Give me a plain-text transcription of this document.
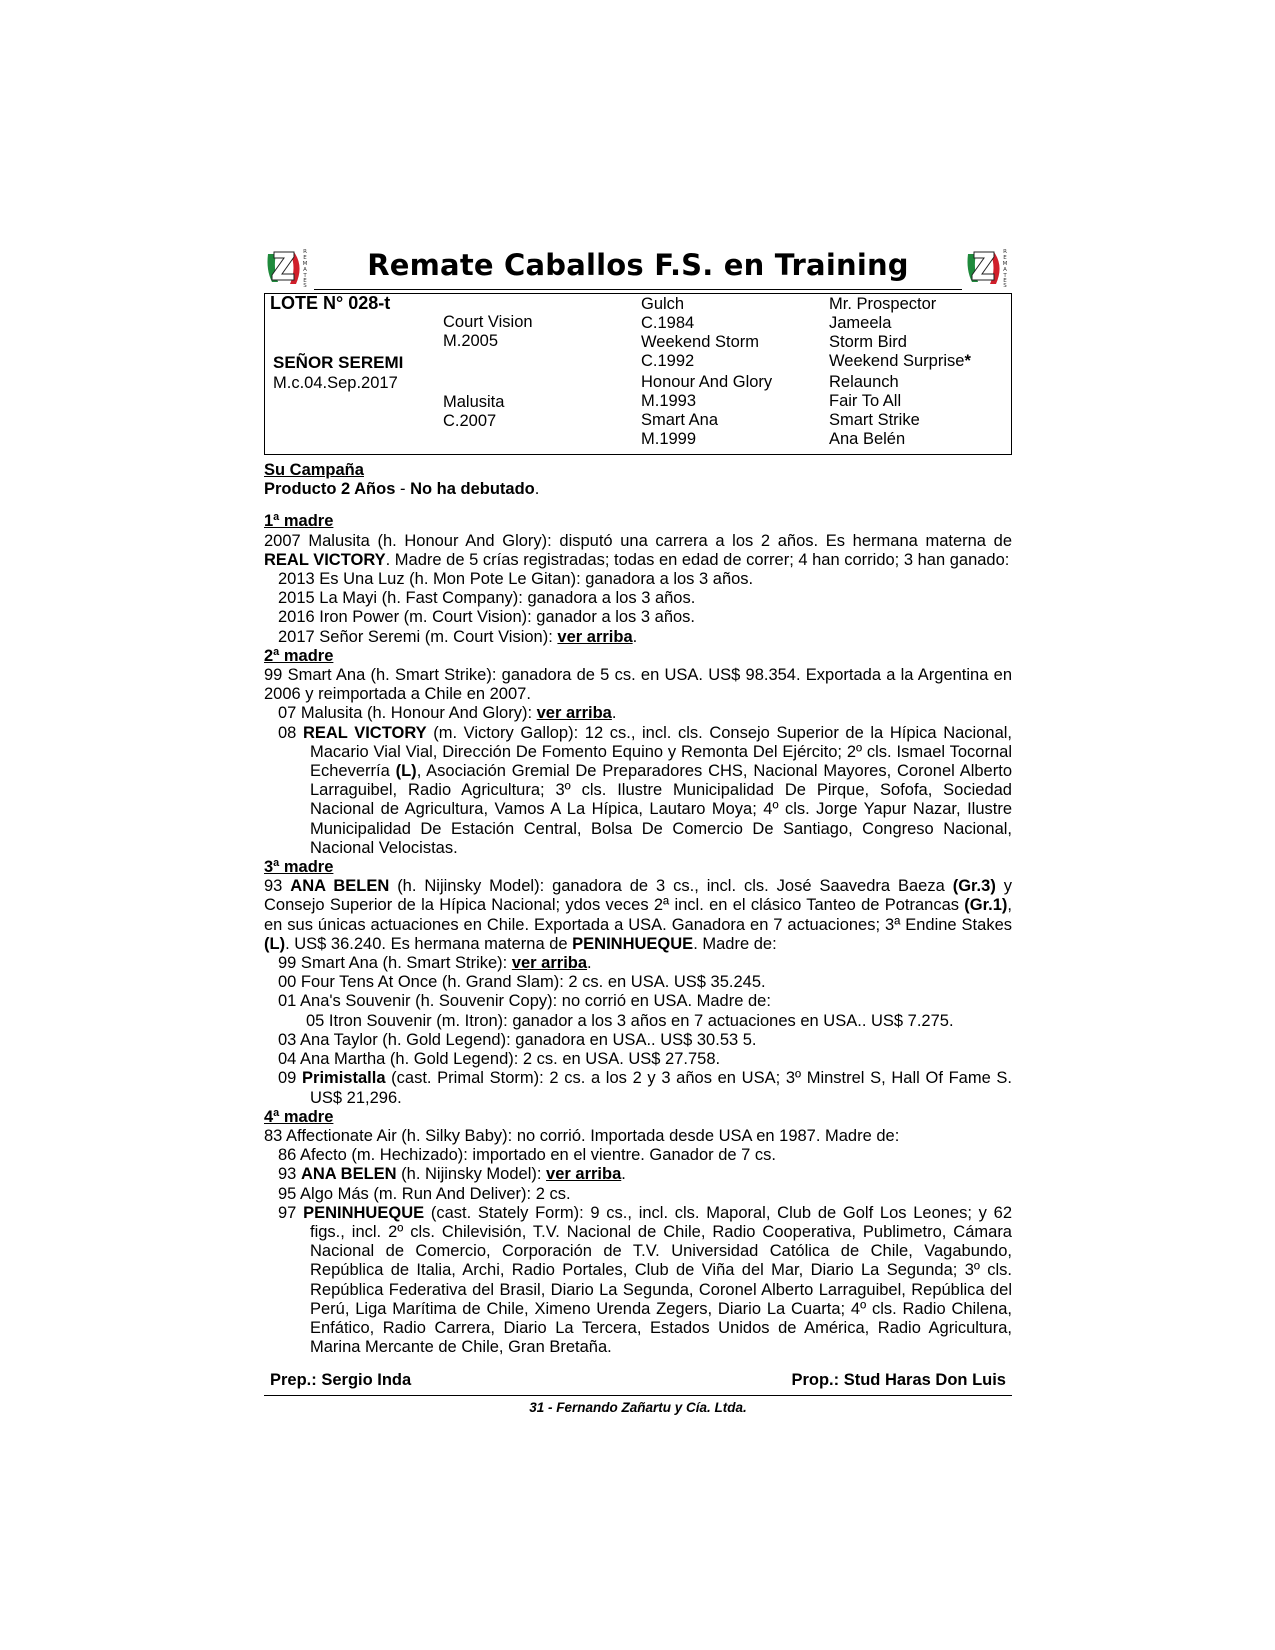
R
E
M
A
T
E
S
Remate Caballos F.S. en Training	R
E
M
A
T
E
S
LOTE N° 028-t
SEÑOR SEREMI
M.c.04.Sep.2017
Court Vision
M.2005
Malusita
C.2007
Gulch
C.1984
Weekend Storm
C.1992
Honour And Glory
M.1993
Smart Ana
M.1999
Mr. Prospector
Jameela
Storm Bird
Weekend Surprise*
Relaunch
Fair To All
Smart Strike
Ana Belén
Su Campaña
Producto 2 Años - No ha debutado.
1ª madre
2007 Malusita (h. Honour And Glory): disputó una carrera a los 2 años. Es hermana materna de REAL VICTORY. Madre de 5 crías registradas; todas en edad de correr; 4 han corrido; 3 han ganado:
2013 Es Una Luz (h. Mon Pote Le Gitan): ganadora a los 3 años.
2015 La Mayi (h. Fast Company): ganadora a los 3 años.
2016 Iron Power (m. Court Vision): ganador a los 3 años.
2017 Señor Seremi (m. Court Vision): ver arriba.
2ª madre
99 Smart Ana (h. Smart Strike): ganadora de 5 cs. en USA. US$ 98.354. Exportada a la Argentina en 2006 y reimportada a Chile en 2007.
07 Malusita (h. Honour And Glory): ver arriba.
08 REAL VICTORY (m. Victory Gallop): 12 cs., incl. cls. Consejo Superior de la Hípica Nacional, Macario Vial Vial, Dirección De Fomento Equino y Remonta Del Ejército; 2º cls. Ismael Tocornal Echeverría (L), Asociación Gremial De Preparadores CHS, Nacional Mayores, Coronel Alberto Larraguibel, Radio Agricultura; 3º cls. Ilustre Municipalidad De Pirque, Sofofa, Sociedad Nacional de Agricultura, Vamos A La Hípica, Lautaro Moya; 4º cls. Jorge Yapur Nazar, Ilustre Municipalidad De Estación Central, Bolsa De Comercio De Santiago, Congreso Nacional, Nacional Velocistas.
3ª madre
93 ANA BELEN (h. Nijinsky Model): ganadora de 3 cs., incl. cls. José Saavedra Baeza (Gr.3) y Consejo Superior de la Hípica Nacional; ydos veces 2ª incl. en el clásico Tanteo de Potrancas (Gr.1), en sus únicas actuaciones en Chile. Exportada a USA. Ganadora en 7 actuaciones; 3ª Endine Stakes (L). US$ 36.240. Es hermana materna de PENINHUEQUE. Madre de:
99 Smart Ana (h. Smart Strike): ver arriba.
00 Four Tens At Once (h. Grand Slam): 2 cs. en USA. US$ 35.245.
01 Ana's Souvenir (h. Souvenir Copy): no corrió en USA. Madre de:
05 Itron Souvenir (m. Itron): ganador a los 3 años en 7 actuaciones en USA.. US$ 7.275.
03 Ana Taylor (h. Gold Legend): ganadora en USA.. US$ 30.53 5.
04 Ana Martha (h. Gold Legend): 2 cs. en USA. US$ 27.758.
09 Primistalla (cast. Primal Storm): 2 cs. a los 2 y 3 años en USA; 3º Minstrel S, Hall Of Fame S. US$ 21,296.
4ª madre
83 Affectionate Air (h. Silky Baby): no corrió. Importada desde USA en 1987. Madre de:
86 Afecto (m. Hechizado): importado en el vientre. Ganador de 7 cs.
93 ANA BELEN (h. Nijinsky Model): ver arriba.
95 Algo Más (m. Run And Deliver): 2 cs.
97 PENINHUEQUE (cast. Stately Form): 9 cs., incl. cls. Maporal, Club de Golf Los Leones; y 62 figs., incl. 2º cls. Chilevisión, T.V. Nacional de Chile, Radio Cooperativa, Publimetro, Cámara Nacional de Comercio, Corporación de T.V. Universidad Católica de Chile, Vagabundo, República de Italia, Archi, Radio Portales, Club de Viña del Mar, Diario La Segunda; 3º cls. República Federativa del Brasil, Diario La Segunda, Coronel Alberto Larraguibel, República del Perú, Liga Marítima de Chile, Ximeno Urenda Zegers, Diario La Cuarta; 4º cls. Radio Chilena, Enfático, Radio Carrera, Diario La Tercera, Estados Unidos de América, Radio Agricultura, Marina Mercante de Chile, Gran Bretaña.
Prep.: Sergio Inda	Prop.: Stud Haras Don Luis
31 - Fernando Zañartu y Cía. Ltda.
